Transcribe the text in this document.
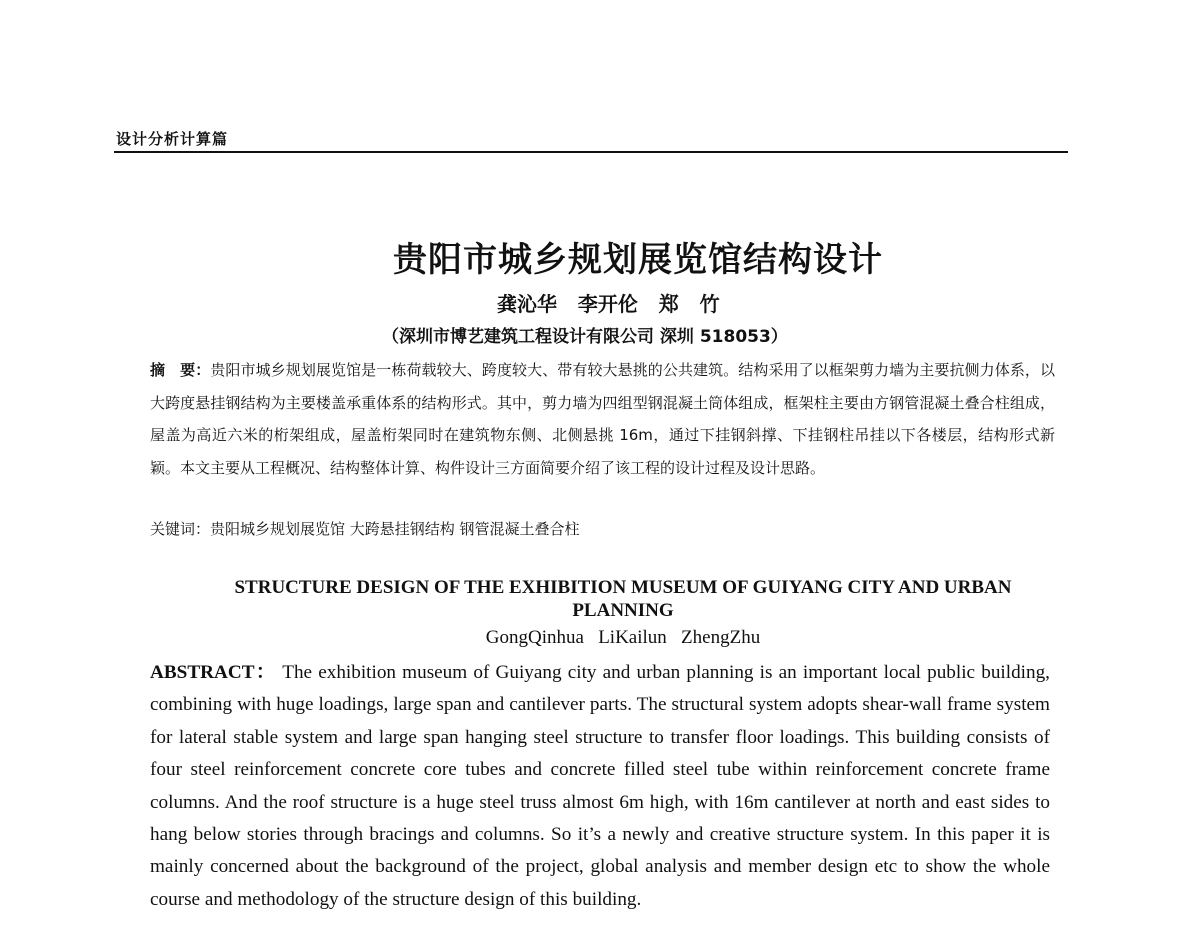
设计分析计算篇
贵阳市城乡规划展览馆结构设计
龚沁华   李开伦   郑   竹
（深圳市博艺建筑工程设计有限公司 深圳 518053）
摘　要：贵阳市城乡规划展览馆是一栋荷载较大、跨度较大、带有较大悬挑的公共建筑。结构采用了以框架剪力墙为主要抗侧力体系，以大跨度悬挂钢结构为主要楼盖承重体系的结构形式。其中，剪力墙为四组型钢混凝土筒体组成，框架柱主要由方钢管混凝土叠合柱组成，屋盖为高近六米的桁架组成，屋盖桁架同时在建筑物东侧、北侧悬挑 16m，通过下挂钢斜撑、下挂钢柱吊挂以下各楼层，结构形式新颖。本文主要从工程概况、结构整体计算、构件设计三方面简要介绍了该工程的设计过程及设计思路。
关键词：贵阳城乡规划展览馆 大跨悬挂钢结构 钢管混凝土叠合柱
STRUCTURE DESIGN OF THE EXHIBITION MUSEUM OF GUIYANG CITY AND URBAN PLANNING
GongQinhua   LiKailun   ZhengZhu
ABSTRACT： The exhibition museum of Guiyang city and urban planning is an important local public building, combining with huge loadings, large span and cantilever parts. The structural system adopts shear-wall frame system for lateral stable system and large span hanging steel structure to transfer floor loadings. This building consists of four steel reinforcement concrete core tubes and concrete filled steel tube within reinforcement concrete frame columns. And the roof structure is a huge steel truss almost 6m high, with 16m cantilever at north and east sides to hang below stories through bracings and columns. So it’s a newly and creative structure system. In this paper it is mainly concerned about the background of the project, global analysis and member design etc to show the whole course and methodology of the structure design of this building.
